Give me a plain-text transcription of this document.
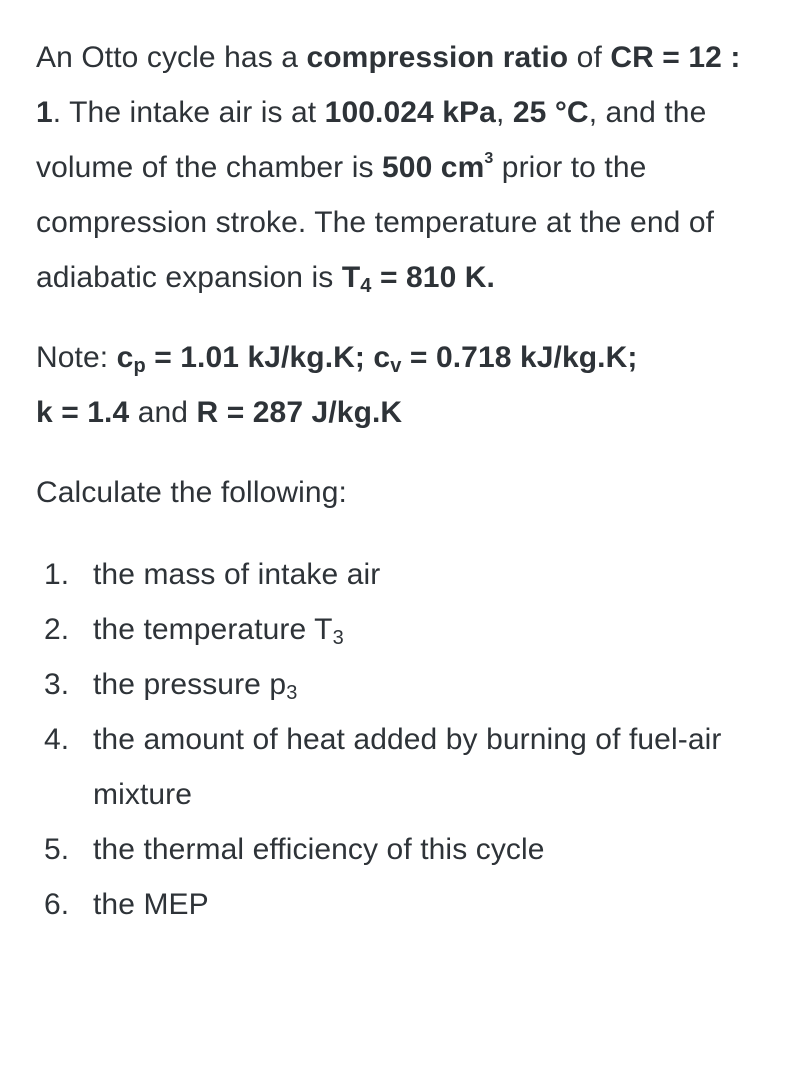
An Otto cycle has a compression ratio of CR = 12 : 1. The intake air is at 100.024 kPa, 25 °C, and the volume of the chamber is 500 $cm^3$ prior to the compression stroke. The temperature at the end of adiabatic expansion is $T_4 = 810$ K.

Note: $c_p = 1.01$ kJ/kg.K; $c_v = 0.718$ kJ/kg.K;
k = 1.4 and R = 287 J/kg.K

Calculate the following:
1. the mass of intake air
2. the temperature $T_3$
3. the pressure $p_3$
4. the amount of heat added by burning of fuel-air mixture
5. the thermal efficiency of this cycle
6. the MEP
